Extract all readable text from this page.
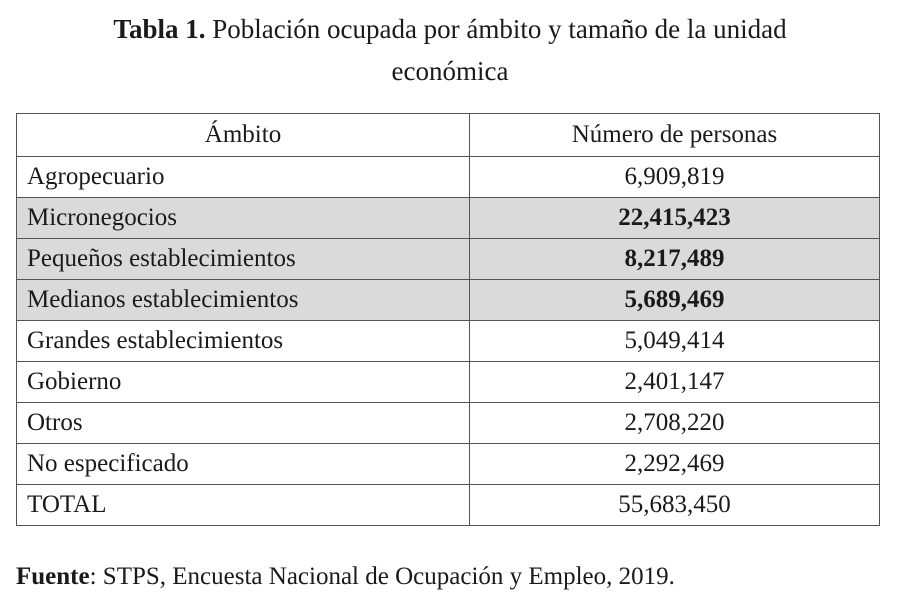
Tabla 1. Población ocupada por ámbito y tamaño de la unidad
económica
Ámbito	Número de personas
Agropecuario	6,909,819
Micronegocios	22,415,423
Pequeños establecimientos	8,217,489
Medianos establecimientos	5,689,469
Grandes establecimientos	5,049,414
Gobierno	2,401,147
Otros	2,708,220
No especificado	2,292,469
TOTAL	55,683,450
Fuente: STPS, Encuesta Nacional de Ocupación y Empleo, 2019.
